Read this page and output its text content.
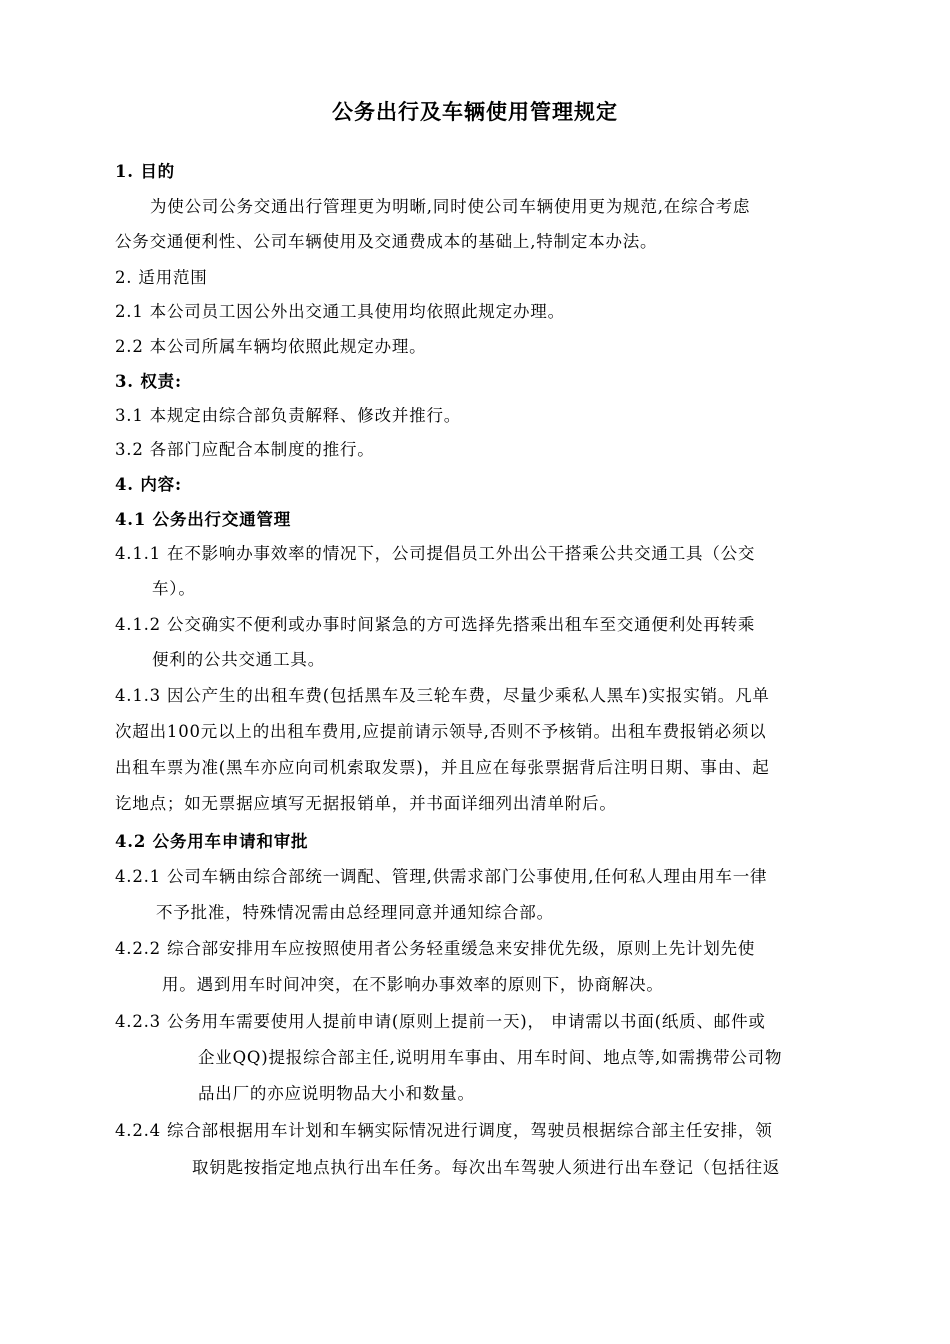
公务出行及车辆使用管理规定
1. 目的
为使公司公务交通出行管理更为明晰,同时使公司车辆使用更为规范,在综合考虑
公务交通便利性、公司车辆使用及交通费成本的基础上,特制定本办法。
2. 适用范围
2.1 本公司员工因公外出交通工具使用均依照此规定办理。
2.2 本公司所属车辆均依照此规定办理。
3. 权责:
3.1 本规定由综合部负责解释、修改并推行。
3.2 各部门应配合本制度的推行。
4. 内容:
4.1 公务出行交通管理
4.1.1 在不影响办事效率的情况下，公司提倡员工外出公干搭乘公共交通工具（公交
车）。
4.1.2 公交确实不便利或办事时间紧急的方可选择先搭乘出租车至交通便利处再转乘
便利的公共交通工具。
4.1.3 因公产生的出租车费(包括黑车及三轮车费，尽量少乘私人黑车)实报实销。凡单
次超出100元以上的出租车费用,应提前请示领导,否则不予核销。出租车费报销必须以
出租车票为准(黑车亦应向司机索取发票)，并且应在每张票据背后注明日期、事由、起
讫地点；如无票据应填写无据报销单，并书面详细列出清单附后。
4.2 公务用车申请和审批
4.2.1 公司车辆由综合部统一调配、管理,供需求部门公事使用,任何私人理由用车一律
不予批准，特殊情况需由总经理同意并通知综合部。
4.2.2 综合部安排用车应按照使用者公务轻重缓急来安排优先级，原则上先计划先使
用。遇到用车时间冲突，在不影响办事效率的原则下，协商解决。
4.2.3 公务用车需要使用人提前申请(原则上提前一天)， 申请需以书面(纸质、邮件或
企业QQ)提报综合部主任,说明用车事由、用车时间、地点等,如需携带公司物
品出厂的亦应说明物品大小和数量。
4.2.4 综合部根据用车计划和车辆实际情况进行调度，驾驶员根据综合部主任安排，领
取钥匙按指定地点执行出车任务。每次出车驾驶人须进行出车登记（包括往返
